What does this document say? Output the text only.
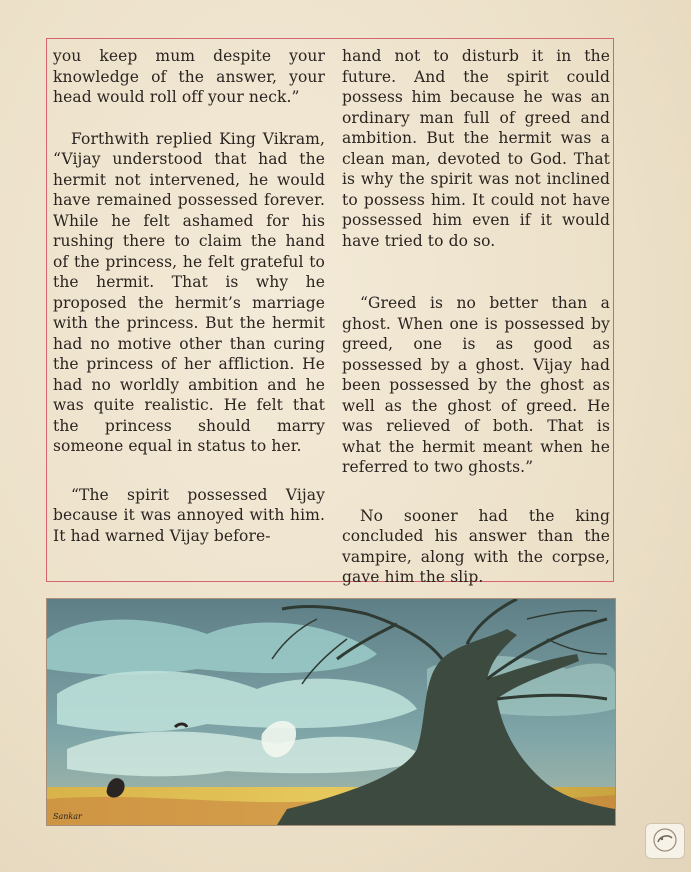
you keep mum despite your knowledge of the answer, your head would roll off your neck.”

Forthwith replied King Vikram, “Vijay understood that had the hermit not intervened, he would have remained possessed forever. While he felt ashamed for his rushing there to claim the hand of the princess, he felt grateful to the hermit. That is why he proposed the hermit’s marriage with the princess. But the hermit had no motive other than curing the princess of her affliction. He had no worldly ambition and he was quite realistic. He felt that the princess should marry someone equal in status to her.

“The spirit possessed Vijay because it was annoyed with him. It had warned Vijay before-

hand not to disturb it in the future. And the spirit could possess him because he was an ordinary man full of greed and ambition. But the hermit was a clean man, devoted to God. That is why the spirit was not inclined to possess him. It could not have possessed him even if it would have tried to do so.

“Greed is no better than a ghost. When one is possessed by greed, one is as good as possessed by a ghost. Vijay had been possessed by the ghost as well as the ghost of greed. He was relieved of both. That is what the hermit meant when he referred to two ghosts.”

No sooner had the king concluded his answer than the vampire, along with the corpse, gave him the slip.

Sankar
